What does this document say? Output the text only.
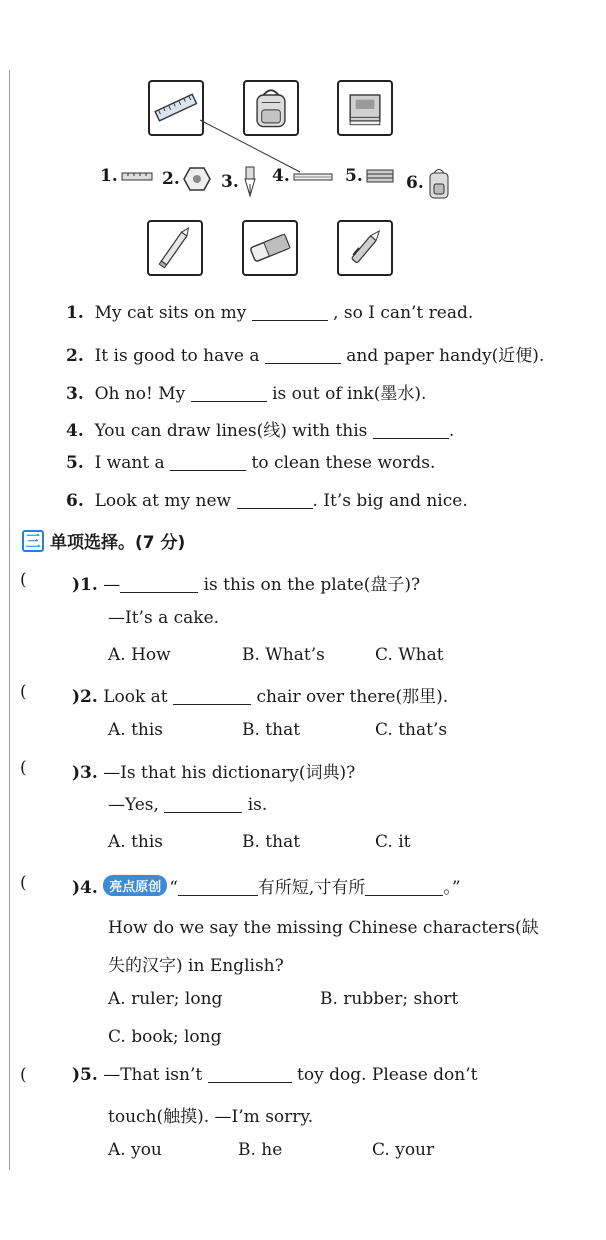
1.	2. 3. 4.	5.	6.
1. My cat sits on my	, so I can’t read.
2. It is good to have a	and paper handy(近便).
3. Oh no! My	is out of ink(墨水).
4. You can draw lines(线) with this	.
5. I want a	to clean these words.
6. Look at my new	. It’s big and nice.
三 单项选择。(7 分)
(	)1. —	is this on the plate(盘子)?
—It’s a cake.
A. How	B. What’s	C. What
(	)2. Look at	chair over there(那里).
A. this	B. that	C. that’s
(	)3. —Is that his dictionary(词典)?
—Yes,	is.
A. this	B. that	C. it
(	)4. 亮点原创 “	有所短,寸有所	。”
How do we say the missing Chinese characters(缺
失的汉字) in English?
A. ruler; long	B. rubber; short
C. book; long
(	)5. —That isn’t	toy dog. Please don’t
touch(触摸). —I’m sorry.
A. you	B. he	C. your
